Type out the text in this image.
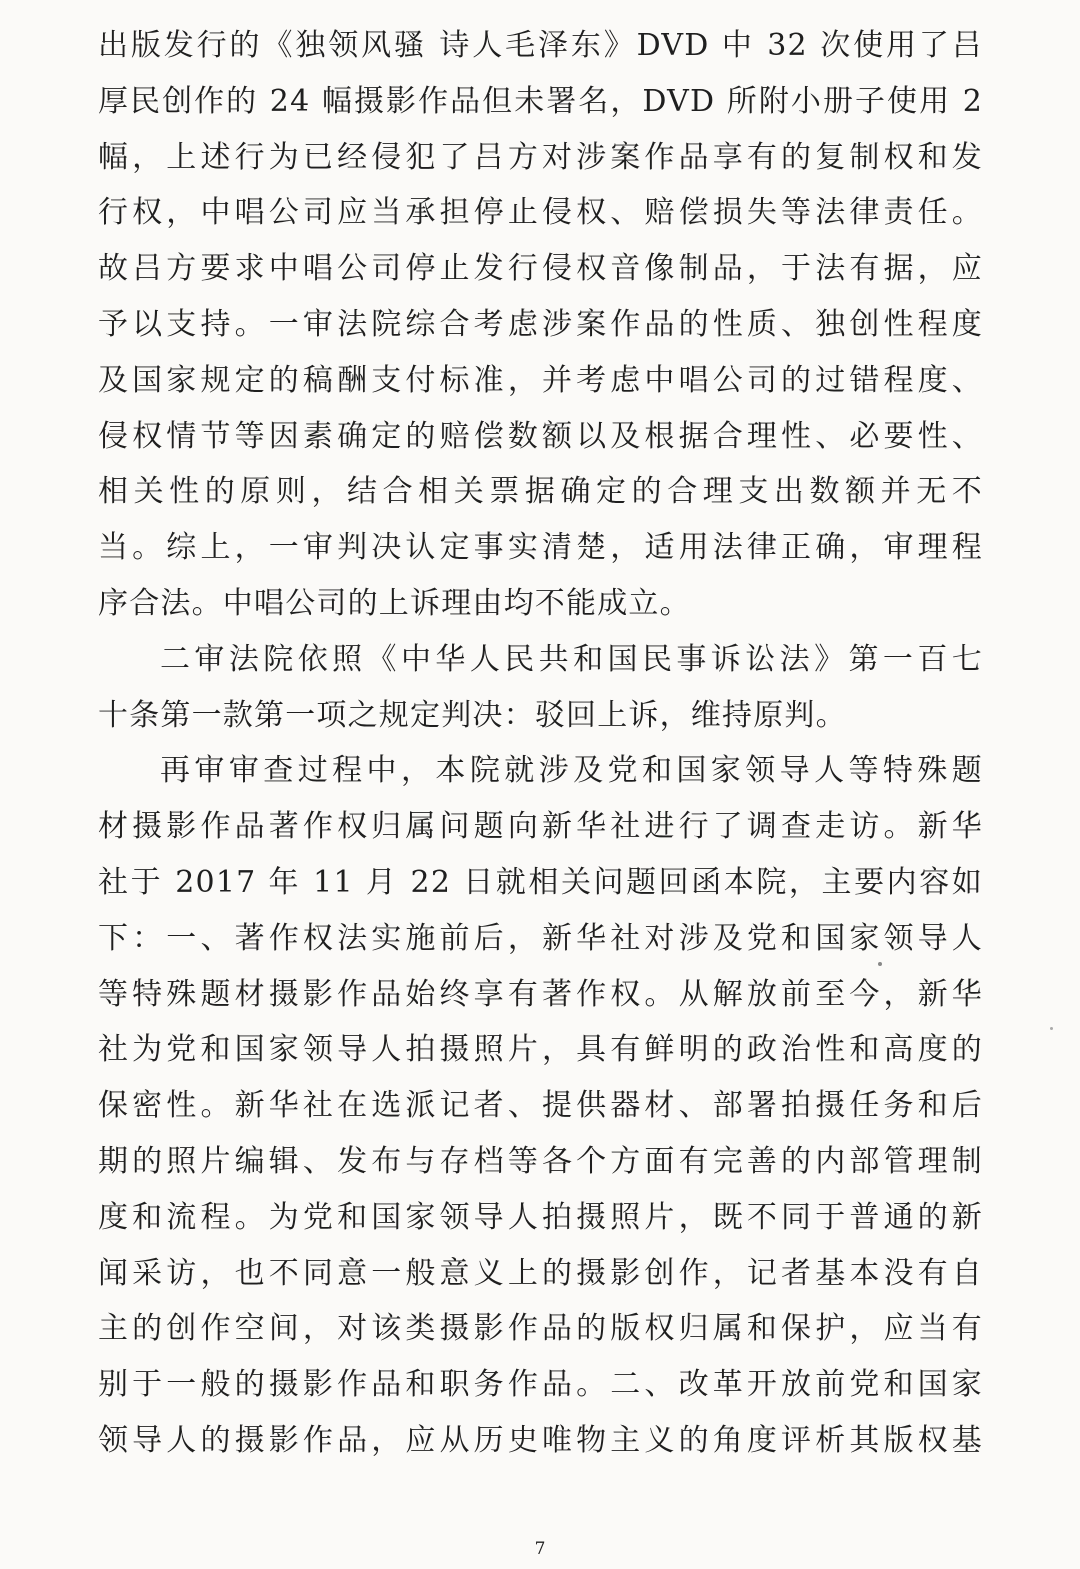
出版发行的《独领风骚 诗人毛泽东》DVD 中 32 次使用了吕
厚民创作的 24 幅摄影作品但未署名，DVD 所附小册子使用 2
幅，上述行为已经侵犯了吕方对涉案作品享有的复制权和发
行权，中唱公司应当承担停止侵权、赔偿损失等法律责任。
故吕方要求中唱公司停止发行侵权音像制品，于法有据，应
予以支持。一审法院综合考虑涉案作品的性质、独创性程度
及国家规定的稿酬支付标准，并考虑中唱公司的过错程度、
侵权情节等因素确定的赔偿数额以及根据合理性、必要性、
相关性的原则，结合相关票据确定的合理支出数额并无不
当。综上，一审判决认定事实清楚，适用法律正确，审理程
序合法。中唱公司的上诉理由均不能成立。
二审法院依照《中华人民共和国民事诉讼法》第一百七
十条第一款第一项之规定判决：驳回上诉，维持原判。
再审审查过程中，本院就涉及党和国家领导人等特殊题
材摄影作品著作权归属问题向新华社进行了调查走访。新华
社于 2017 年 11 月 22 日就相关问题回函本院，主要内容如
下：一、著作权法实施前后，新华社对涉及党和国家领导人
等特殊题材摄影作品始终享有著作权。从解放前至今，新华
社为党和国家领导人拍摄照片，具有鲜明的政治性和高度的
保密性。新华社在选派记者、提供器材、部署拍摄任务和后
期的照片编辑、发布与存档等各个方面有完善的内部管理制
度和流程。为党和国家领导人拍摄照片，既不同于普通的新
闻采访，也不同意一般意义上的摄影创作，记者基本没有自
主的创作空间，对该类摄影作品的版权归属和保护，应当有
别于一般的摄影作品和职务作品。二、改革开放前党和国家
领导人的摄影作品，应从历史唯物主义的角度评析其版权基
7
